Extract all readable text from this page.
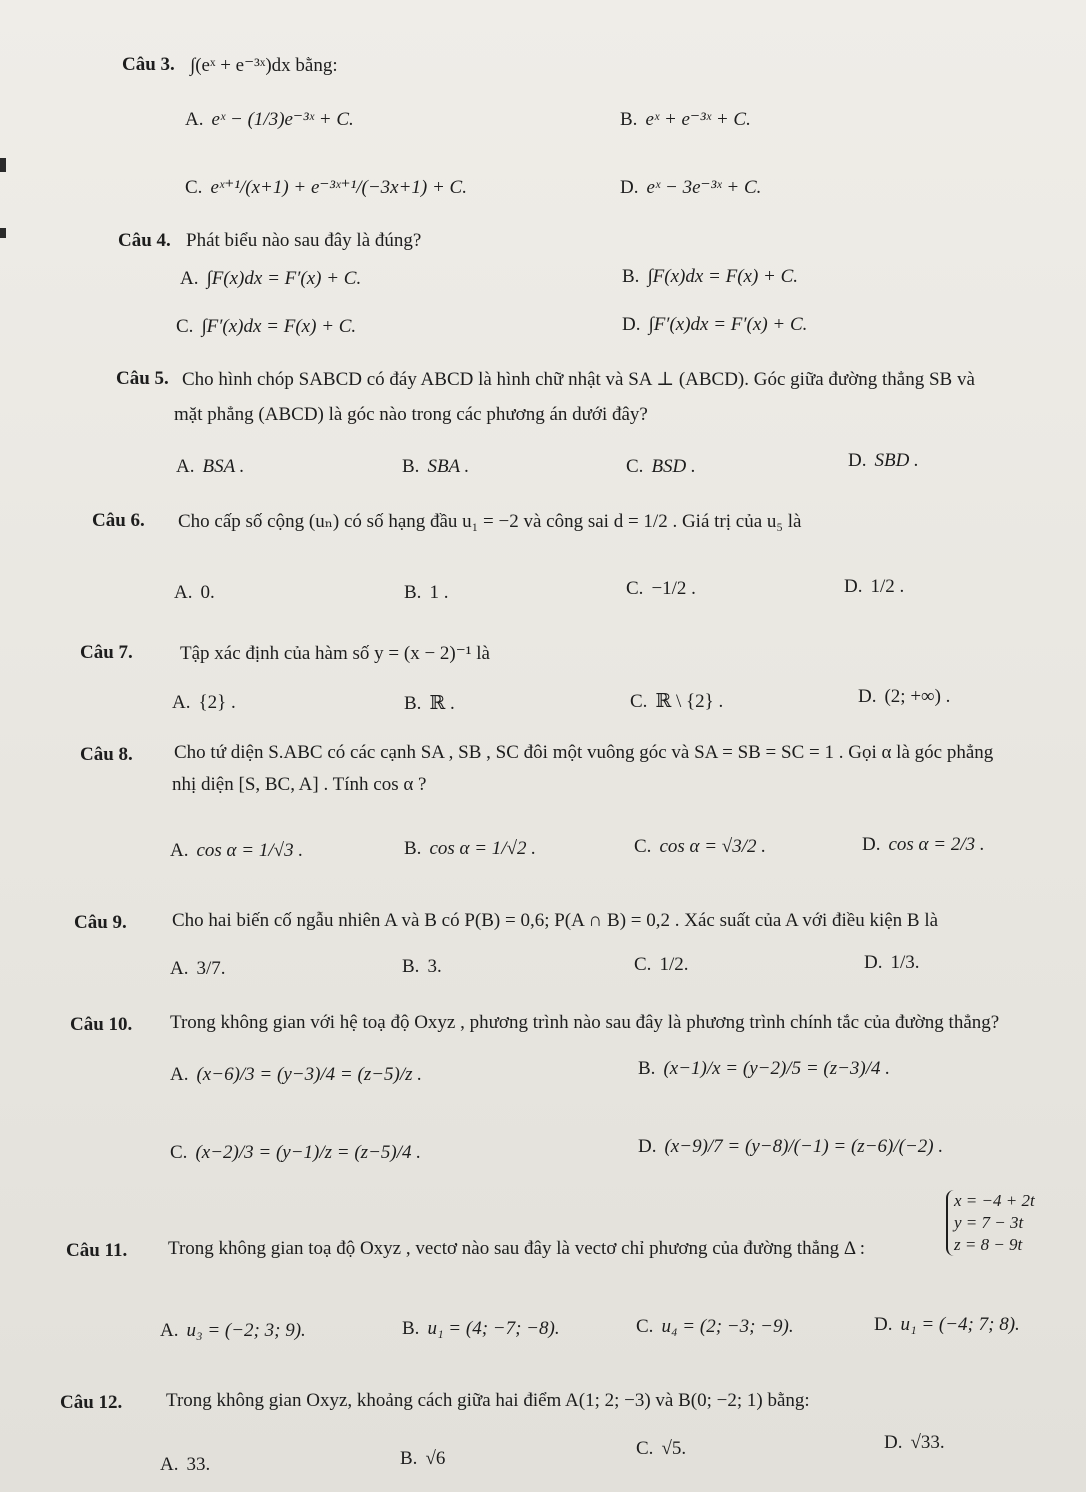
Câu 3. ∫(eˣ + e⁻³ˣ)dx bằng:
A. eˣ − (1/3)e⁻³ˣ + C.	B. eˣ + e⁻³ˣ + C.
C. eˣ⁺¹/(x+1) + e⁻³ˣ⁺¹/(−3x+1) + C.	D. eˣ − 3e⁻³ˣ + C.
Câu 4. Phát biểu nào sau đây là đúng?
A. ∫F(x)dx = F′(x) + C.	B. ∫F(x)dx = F(x) + C.
C. ∫F′(x)dx = F(x) + C.	D. ∫F′(x)dx = F′(x) + C.
Câu 5. Cho hình chóp SABCD có đáy ABCD là hình chữ nhật và SA ⊥ (ABCD). Góc giữa đường thẳng SB và
mặt phẳng (ABCD) là góc nào trong các phương án dưới đây?
A. BSA .	B. SBA .	C. BSD .	D. SBD .
Câu 6. Cho cấp số cộng (uₙ) có số hạng đầu u₁ = −2 và công sai d = 1/2 . Giá trị của u₅ là
A. 0.	B. 1 .	C. −1/2 .	D. 1/2 .
Câu 7. Tập xác định của hàm số y = (x − 2)⁻¹ là
A. {2} .	B. ℝ .	C. ℝ \ {2} .	D. (2; +∞) .
Câu 8. Cho tứ diện S.ABC có các cạnh SA , SB , SC đôi một vuông góc và SA = SB = SC = 1 . Gọi α là góc phẳng
nhị diện [S, BC, A] . Tính cos α ?
A. cos α = 1/√3 .	B. cos α = 1/√2 .	C. cos α = √3/2 .	D. cos α = 2/3 .
Câu 9. Cho hai biến cố ngẫu nhiên A và B có P(B) = 0,6; P(A ∩ B) = 0,2 . Xác suất của A với điều kiện B là
A. 3/7.	B. 3.	C. 1/2.	D. 1/3.
Câu 10. Trong không gian với hệ toạ độ Oxyz , phương trình nào sau đây là phương trình chính tắc của đường thẳng?
A. (x−6)/3 = (y−3)/4 = (z−5)/z .	B. (x−1)/x = (y−2)/5 = (z−3)/4 .
C. (x−2)/3 = (y−1)/z = (z−5)/4 .	D. (x−9)/7 = (y−8)/(−1) = (z−6)/(−2) .
Câu 11. Trong không gian toạ độ Oxyz , vectơ nào sau đây là vectơ chỉ phương của đường thẳng Δ :
x = −4 + 2t
y = 7 − 3t
z = 8 − 9t
A. u₃ = (−2; 3; 9).	B. u₁ = (4; −7; −8).	C. u₄ = (2; −3; −9).	D. u₁ = (−4; 7; 8).
Câu 12. Trong không gian Oxyz, khoảng cách giữa hai điểm A(1; 2; −3) và B(0; −2; 1) bằng:
A. 33.	B. √6	C. √5.	D. √33.
